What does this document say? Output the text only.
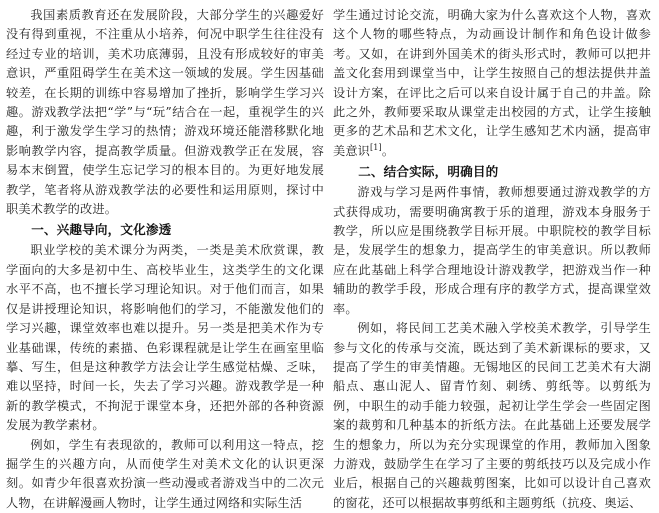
我国素质教育还在发展阶段，大部分学生的兴趣爱好没有得到重视，不注重从小培养，何况中职学生往往没有经过专业的培训，美术功底薄弱，且没有形成较好的审美意识，严重阻碍学生在美术这一领域的发展。学生因基础较差，在长期的训练中容易增加了挫折，影响学生学习兴趣。游戏教学法把“学”与“玩”结合在一起，重视学生的兴趣，利于激发学生学习的热情；游戏环境还能潜移默化地影响教学内容，提高教学质量。但游戏教学正在发展，容易本末倒置，使学生忘记学习的根本目的。为更好地发展教学，笔者将从游戏教学法的必要性和运用原则，探讨中职美术教学的改进。

一、兴趣导向，文化渗透

职业学校的美术课分为两类，一类是美术欣赏课，教学面向的大多是初中生、高校毕业生，这类学生的文化课水平不高，也不擅长学习理论知识。对于他们而言，如果仅是讲授理论知识，将影响他们的学习，不能激发他们的学习兴趣，课堂效率也难以提升。另一类是把美术作为专业基础课，传统的素描、色彩课程就是让学生在画室里临摹、写生，但是这种教学方法会让学生感觉枯燥、乏味，难以坚持，时间一长，失去了学习兴趣。游戏教学是一种新的教学模式，不拘泥于课堂本身，还把外部的各种资源发展为教学素材。

例如，学生有表现欲的，教师可以利用这一特点，挖掘学生的兴趣方向，从而使学生对美术文化的认识更深刻。如青少年很喜欢扮演一些动漫或者游戏当中的二次元人物，在讲解漫画人物时，让学生通过网络和实际生活

学生通过讨论交流，明确大家为什么喜欢这个人物，喜欢这个人物的哪些特点，为动画设计制作和角色设计做参考。又如，在讲到外国美术的街头形式时，教师可以把井盖文化套用到课堂当中，让学生按照自己的想法提供井盖设计方案，在评比之后可以来自设计属于自己的井盖。除此之外，教师要采取从课堂走出校园的方式，让学生接触更多的艺术品和艺术文化，让学生感知艺术内涵，提高审美意识[1]。

二、结合实际，明确目的

游戏与学习是两件事情，教师想要通过游戏教学的方式获得成功，需要明确寓教于乐的道理，游戏本身服务于教学，所以应是围绕教学目标开展。中职院校的教学目标是，发展学生的想象力，提高学生的审美意识。所以教师应在此基础上科学合理地设计游戏教学，把游戏当作一种辅助的教学手段，形成合理有序的教学方式，提高课堂效率。

例如，将民间工艺美术融入学校美术教学，引导学生参与文化的传承与交流，既达到了美术新课标的要求，又提高了学生的审美情趣。无锡地区的民间工艺美术有大湖船点、惠山泥人、留青竹刻、刺绣、剪纸等。以剪纸为例，中职生的动手能力较强，起初让学生学会一些固定图案的裁剪和几种基本的折纸方法。在此基础上还要发展学生的想象力，所以为充分实现课堂的作用，教师加入图象力游戏，鼓励学生在学习了主要的剪纸技巧以及完成小作业后，根据自己的兴趣裁剪图案，比如可以设计自己喜欢的窗花，还可以根据故事剪纸和主题剪纸（抗疫、奥运、
